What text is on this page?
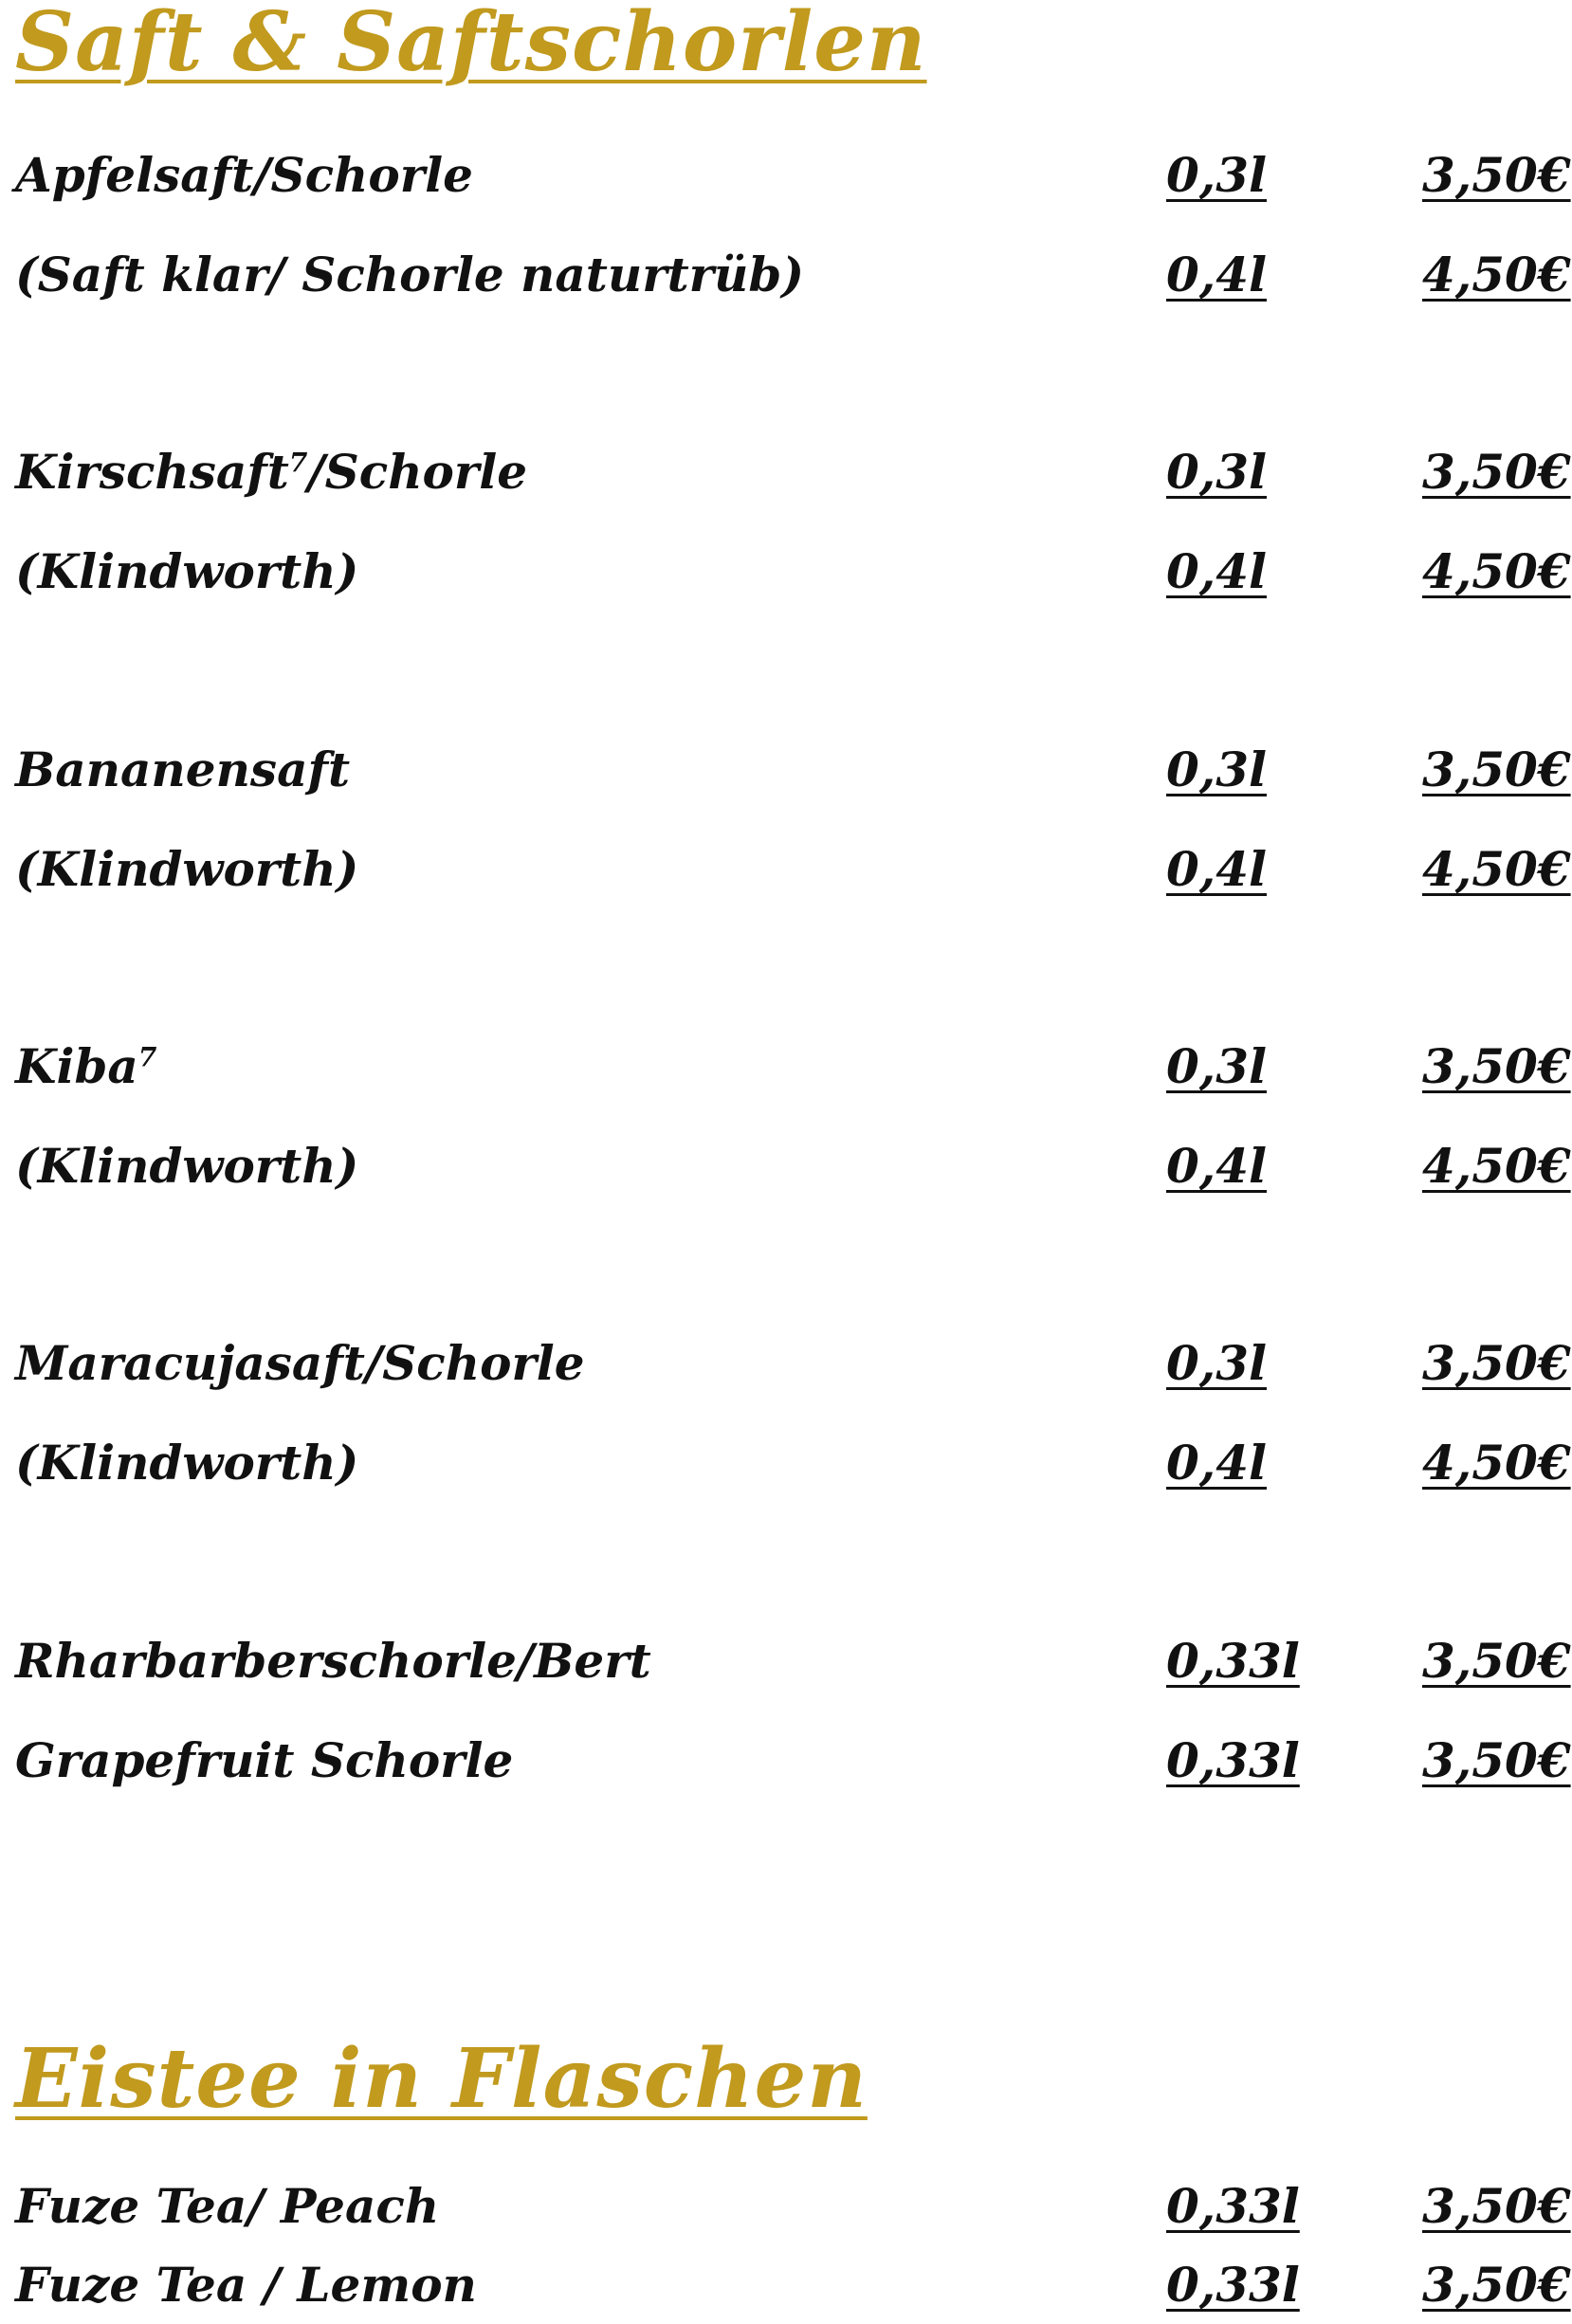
Saft & Saftschorlen
Apfelsaft/Schorle	0,3l	3,50€
(Saft klar/ Schorle naturtrüb)	0,4l	4,50€
Kirschsaft$^7$/Schorle	0,3l	3,50€
(Klindworth)	0,4l	4,50€
Bananensaft	0,3l	3,50€
(Klindworth)	0,4l	4,50€
Kiba$^7$	0,3l	3,50€
(Klindworth)	0,4l	4,50€
Maracujasaft/Schorle	0,3l	3,50€
(Klindworth)	0,4l	4,50€
Rharbarberschorle/Bert	0,33l	3,50€
Grapefruit Schorle	0,33l	3,50€
Eistee in Flaschen
Fuze Tea/ Peach	0,33l	3,50€
Fuze Tea / Lemon	0,33l	3,50€
